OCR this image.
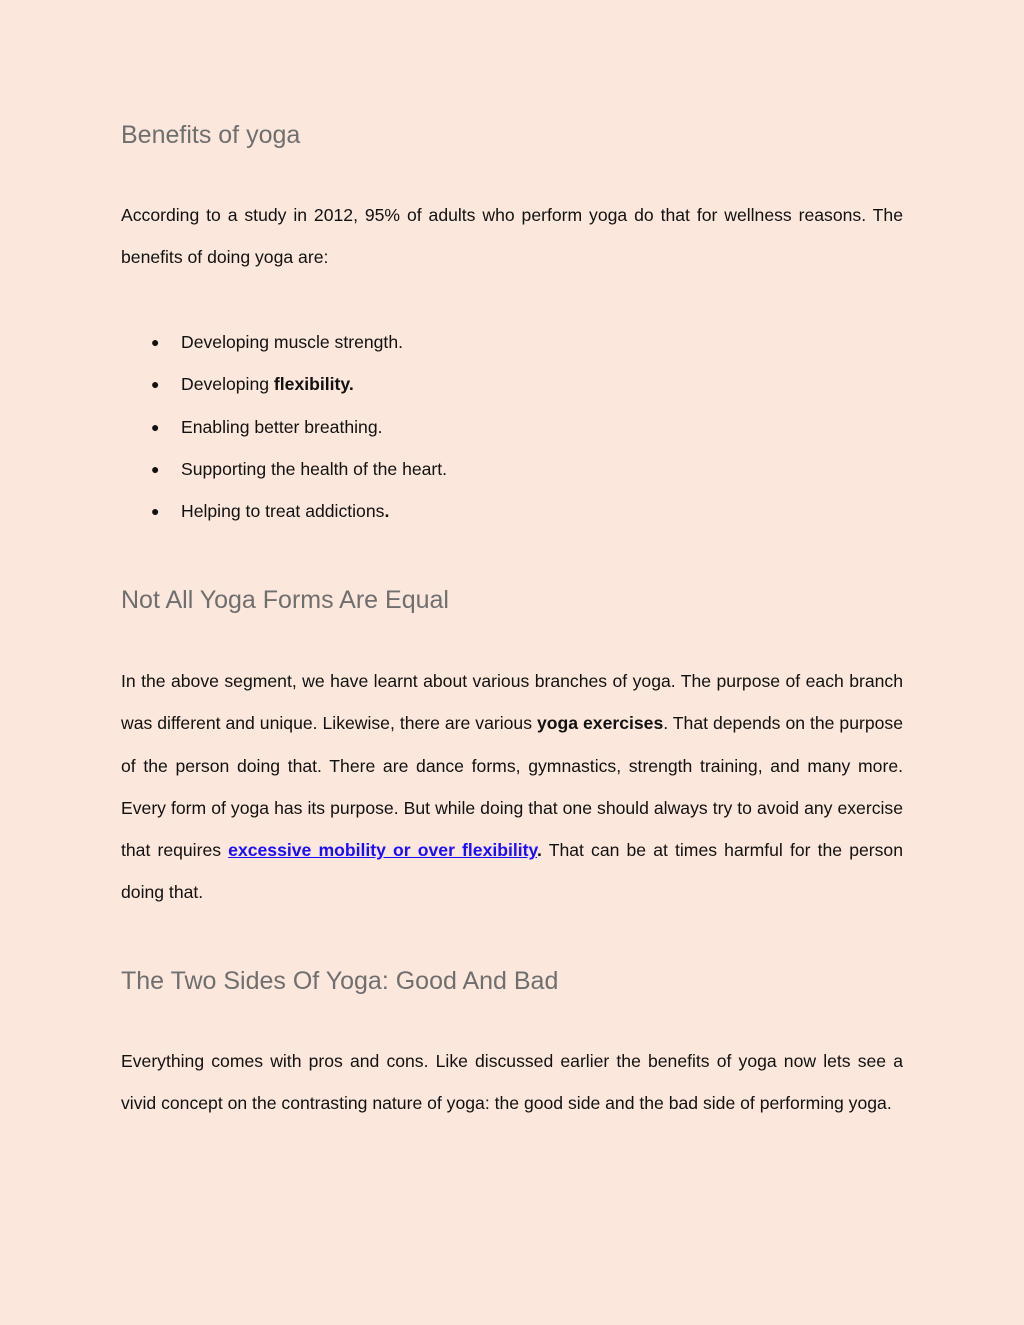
Benefits of yoga

According to a study in 2012, 95% of adults who perform yoga do that for wellness reasons. The benefits of doing yoga are:

● Developing muscle strength.
● Developing flexibility.
● Enabling better breathing.
● Supporting the health of the heart.
● Helping to treat addictions.
Not All Yoga Forms Are Equal

In the above segment, we have learnt about various branches of yoga. The purpose of each branch was different and unique. Likewise, there are various yoga exercises. That depends on the purpose of the person doing that. There are dance forms, gymnastics, strength training, and many more. Every form of yoga has its purpose. But while doing that one should always try to avoid any exercise that requires excessive mobility or over flexibility. That can be at times harmful for the person doing that.

The Two Sides Of Yoga: Good And Bad

Everything comes with pros and cons. Like discussed earlier the benefits of yoga now lets see a vivid concept on the contrasting nature of yoga: the good side and the bad side of performing yoga.
